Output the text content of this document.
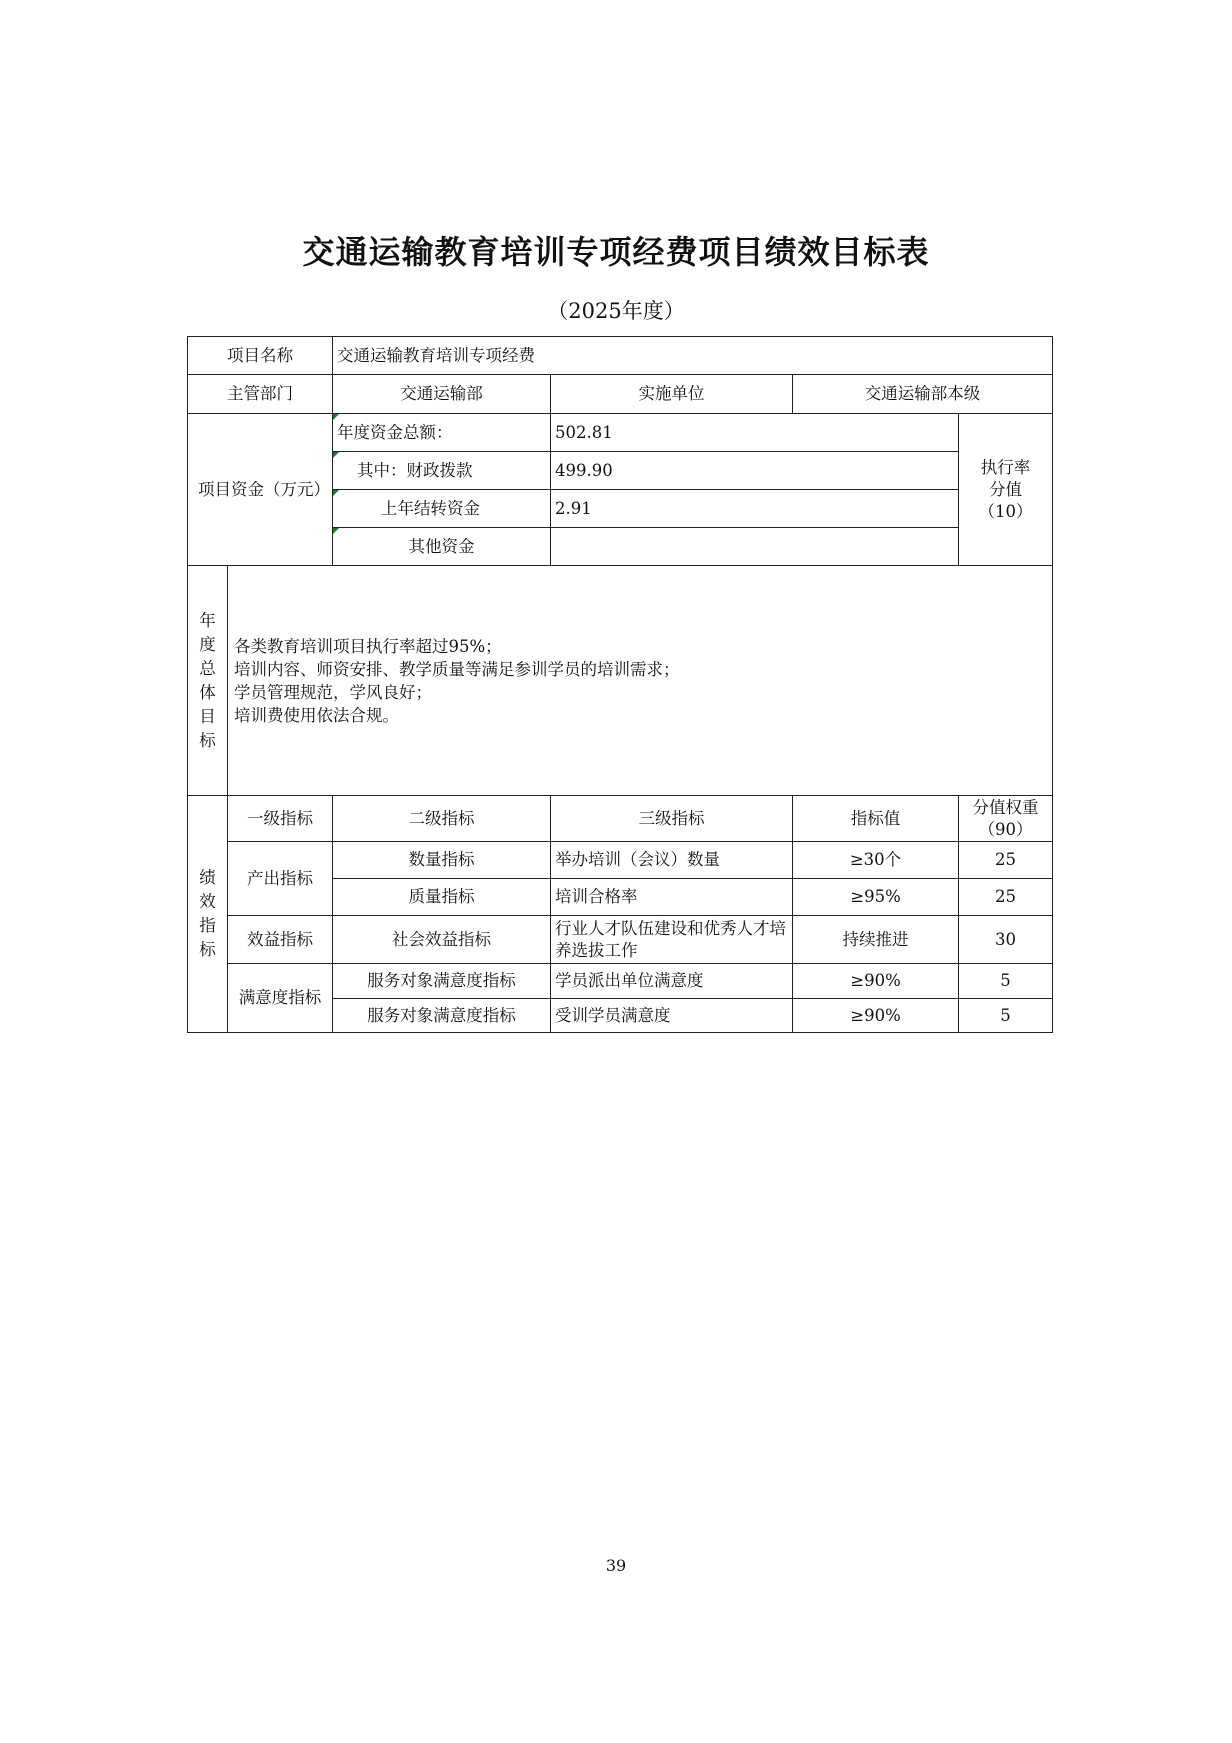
交通运输教育培训专项经费项目绩效目标表
（2025年度）
项目名称		交通运输教育培训专项经费			
主管部门		交通运输部	实施单位	交通运输部本级	
项目资金（万元）		年度资金总额：	502.81		执行率分值（10）
		其中：财政拨款	499.90		
		上年结转资金	2.91		
		其他资金			

年度总体目标	各类教育培训项目执行率超过95%；
培训内容、师资安排、教学质量等满足参训学员的培训需求；
学员管理规范，学风良好；
培训费使用依法合规。				

绩效指标	一级指标	二级指标	三级指标	指标值	分值权重（90）
	产出指标	数量指标	举办培训（会议）数量	≥30个	25
		质量指标	培训合格率	≥95%	25
	效益指标	社会效益指标	行业人才队伍建设和优秀人才培养选拔工作	持续推进	30
	满意度指标	服务对象满意度指标	学员派出单位满意度	≥90%	5
		服务对象满意度指标	受训学员满意度	≥90%	5
39
